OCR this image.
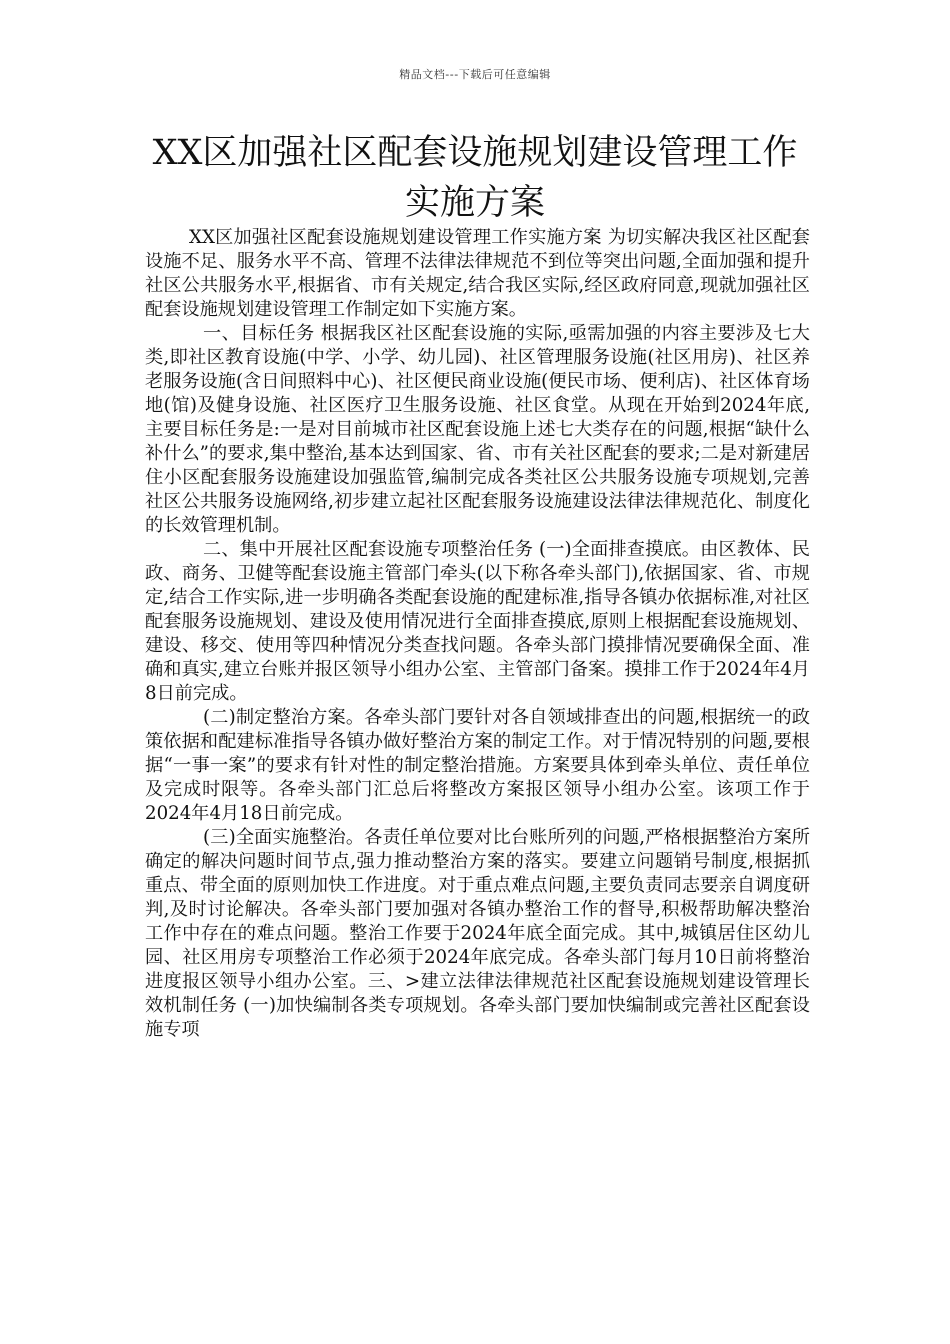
精品文档---下载后可任意编辑
XX区加强社区配套设施规划建设管理工作实施方案

XX区加强社区配套设施规划建设管理工作实施方案 为切实解决我区社区配套设施不足、服务水平不高、管理不法律法律规范不到位等突出问题,全面加强和提升社区公共服务水平,根据省、市有关规定,结合我区实际,经区政府同意,现就加强社区配套设施规划建设管理工作制定如下实施方案。

一、目标任务 根据我区社区配套设施的实际,亟需加强的内容主要涉及七大类,即社区教育设施(中学、小学、幼儿园)、社区管理服务设施(社区用房)、社区养老服务设施(含日间照料中心)、社区便民商业设施(便民市场、便利店)、社区体育场地(馆)及健身设施、社区医疗卫生服务设施、社区食堂。从现在开始到2024年底,主要目标任务是:一是对目前城市社区配套设施上述七大类存在的问题,根据“缺什么补什么”的要求,集中整治,基本达到国家、省、市有关社区配套的要求;二是对新建居住小区配套服务设施建设加强监管,编制完成各类社区公共服务设施专项规划,完善社区公共服务设施网络,初步建立起社区配套服务设施建设法律法律规范化、制度化的长效管理机制。

二、集中开展社区配套设施专项整治任务 (一)全面排查摸底。由区教体、民政、商务、卫健等配套设施主管部门牵头(以下称各牵头部门),依据国家、省、市规定,结合工作实际,进一步明确各类配套设施的配建标准,指导各镇办依据标准,对社区配套服务设施规划、建设及使用情况进行全面排查摸底,原则上根据配套设施规划、建设、移交、使用等四种情况分类查找问题。各牵头部门摸排情况要确保全面、准确和真实,建立台账并报区领导小组办公室、主管部门备案。摸排工作于2024年4月8日前完成。

(二)制定整治方案。各牵头部门要针对各自领域排查出的问题,根据统一的政策依据和配建标准指导各镇办做好整治方案的制定工作。对于情况特别的问题,要根据“一事一案”的要求有针对性的制定整治措施。方案要具体到牵头单位、责任单位及完成时限等。各牵头部门汇总后将整改方案报区领导小组办公室。该项工作于2024年4月18日前完成。

(三)全面实施整治。各责任单位要对比台账所列的问题,严格根据整治方案所确定的解决问题时间节点,强力推动整治方案的落实。要建立问题销号制度,根据抓重点、带全面的原则加快工作进度。对于重点难点问题,主要负责同志要亲自调度研判,及时讨论解决。各牵头部门要加强对各镇办整治工作的督导,积极帮助解决整治工作中存在的难点问题。整治工作要于2024年底全面完成。其中,城镇居住区幼儿园、社区用房专项整治工作必须于2024年底完成。各牵头部门每月10日前将整治进度报区领导小组办公室。三、>建立法律法律规范社区配套设施规划建设管理长效机制任务 (一)加快编制各类专项规划。各牵头部门要加快编制或完善社区配套设施专项
